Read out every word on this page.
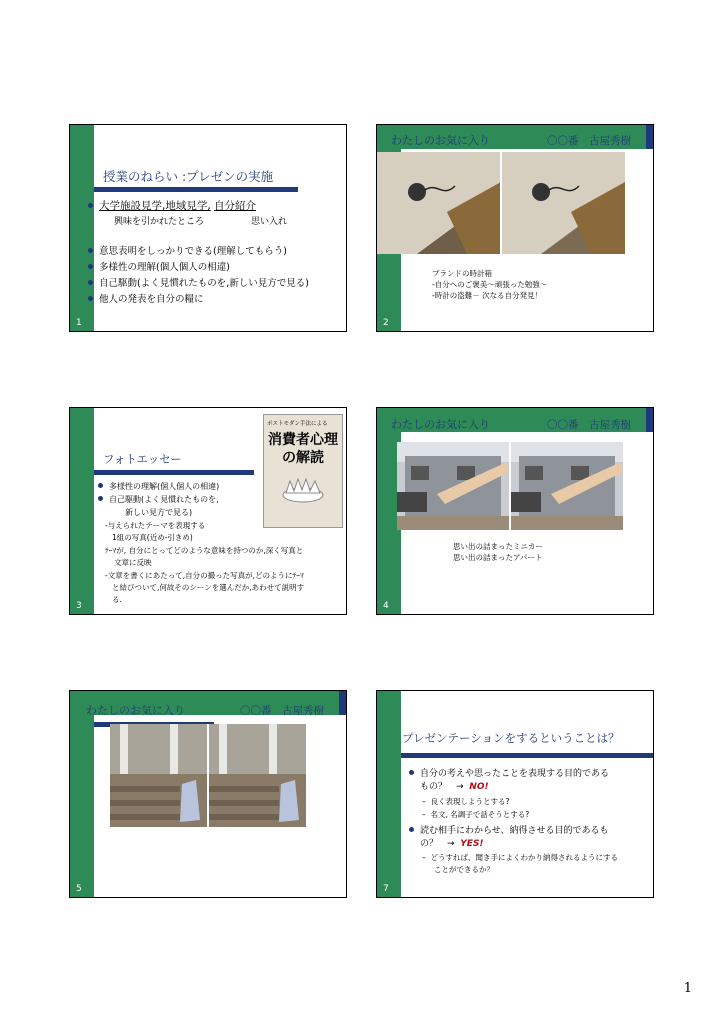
授業のねらい :プレゼンの実施
大学施設見学,地域見学, 自分紹介
興味を引かれたところ	思い入れ
意思表明をしっかりできる(理解してもらう)
多様性の理解(個人個人の相違)
自己駆動(よく見慣れたものを,新しい見方で見る)
他人の発表を自分の糧に
1
わたしのお気に入り	〇〇番　古屋秀樹
ブランドの時計箱
-自分へのご褒美～頑張った勉強～
-時計の盗難－ 次なる自分発見！
2
フォトエッセー
ポストモダン手法による
消費者心理
の解読
多様性の理解(個人個人の相違)
自己駆動(よく見慣れたものを,
新しい見方で見る)
-与えられたテーマを表現する
1組の写真(近め-引きめ)
ﾃｰﾏが, 自分にとってどのような意味を持つのか,深く写真と
文章に反映
-文章を書くにあたって,自分の撮った写真が,どのようにﾃｰﾏ
と結びついて,何故そのシーンを選んだか,あわせて説明す
る.
3
わたしのお気に入り	〇〇番　古屋秀樹
思い出の詰まったミニカー
思い出の詰まったアパート
4
わたしのお気に入り	〇〇番　古屋秀樹
5
プレゼンテーションをするということは？
自分の考えや思ったことを表現する目的である
もの？　→ NO!
–  良く表現しようとする?
–  名文, 名調子で話そうとする?
読む相手にわからせ、納得させる目的であるも
の？　→ YES!
–  どうすれば、聞き手によくわかり納得されるようにする
ことができるか？
7
1
